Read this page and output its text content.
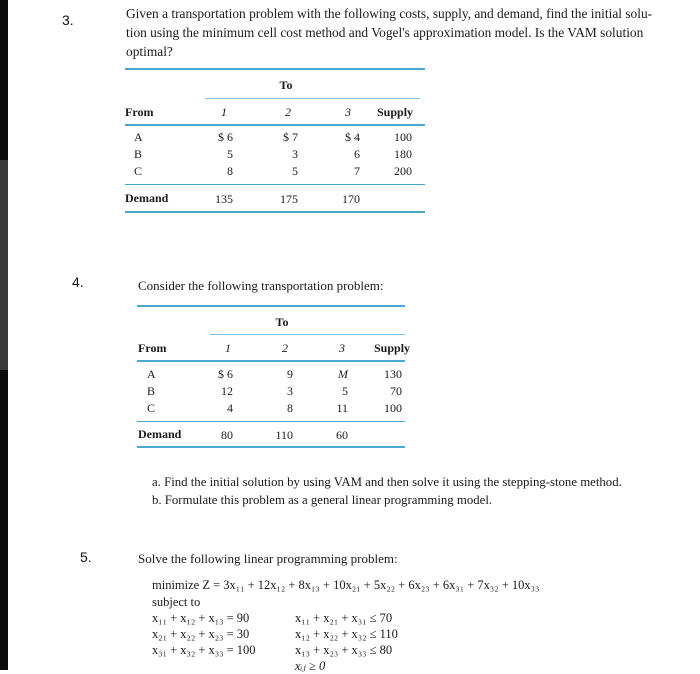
3.	Given a transportation problem with the following costs, supply, and demand, find the initial solu-
tion using the minimum cell cost method and Vogel's approximation model. Is the VAM solution
optimal?
To
From	1	2	3	Supply
A	$ 6	$ 7	$ 4	100
B	5	3	6	180
C	8	5	7	200
Demand	135	175	170
4.	Consider the following transportation problem:
To
From	1	2	3	Supply
A	$ 6	9	M	130
B	12	3	5	70
C	4	8	11	100
Demand	80	110	60
a. Find the initial solution by using VAM and then solve it using the stepping-stone method.
b. Formulate this problem as a general linear programming model.
5.	Solve the following linear programming problem:
minimize Z = 3x₁₁ + 12x₁₂ + 8x₁₃ + 10x₂₁ + 5x₂₂ + 6x₂₃ + 6x₃₁ + 7x₃₂ + 10x₃₃
subject to
x₁₁ + x₁₂ + x₁₃ = 90
x₂₁ + x₂₂ + x₂₃ = 30
x₃₁ + x₃₂ + x₃₃ = 100
x₁₁ + x₂₁ + x₃₁ ≤ 70
x₁₂ + x₂₂ + x₃₂ ≤ 110
x₁₃ + x₂₃ + x₃₃ ≤ 80
xᵢⱼ ≥ 0
